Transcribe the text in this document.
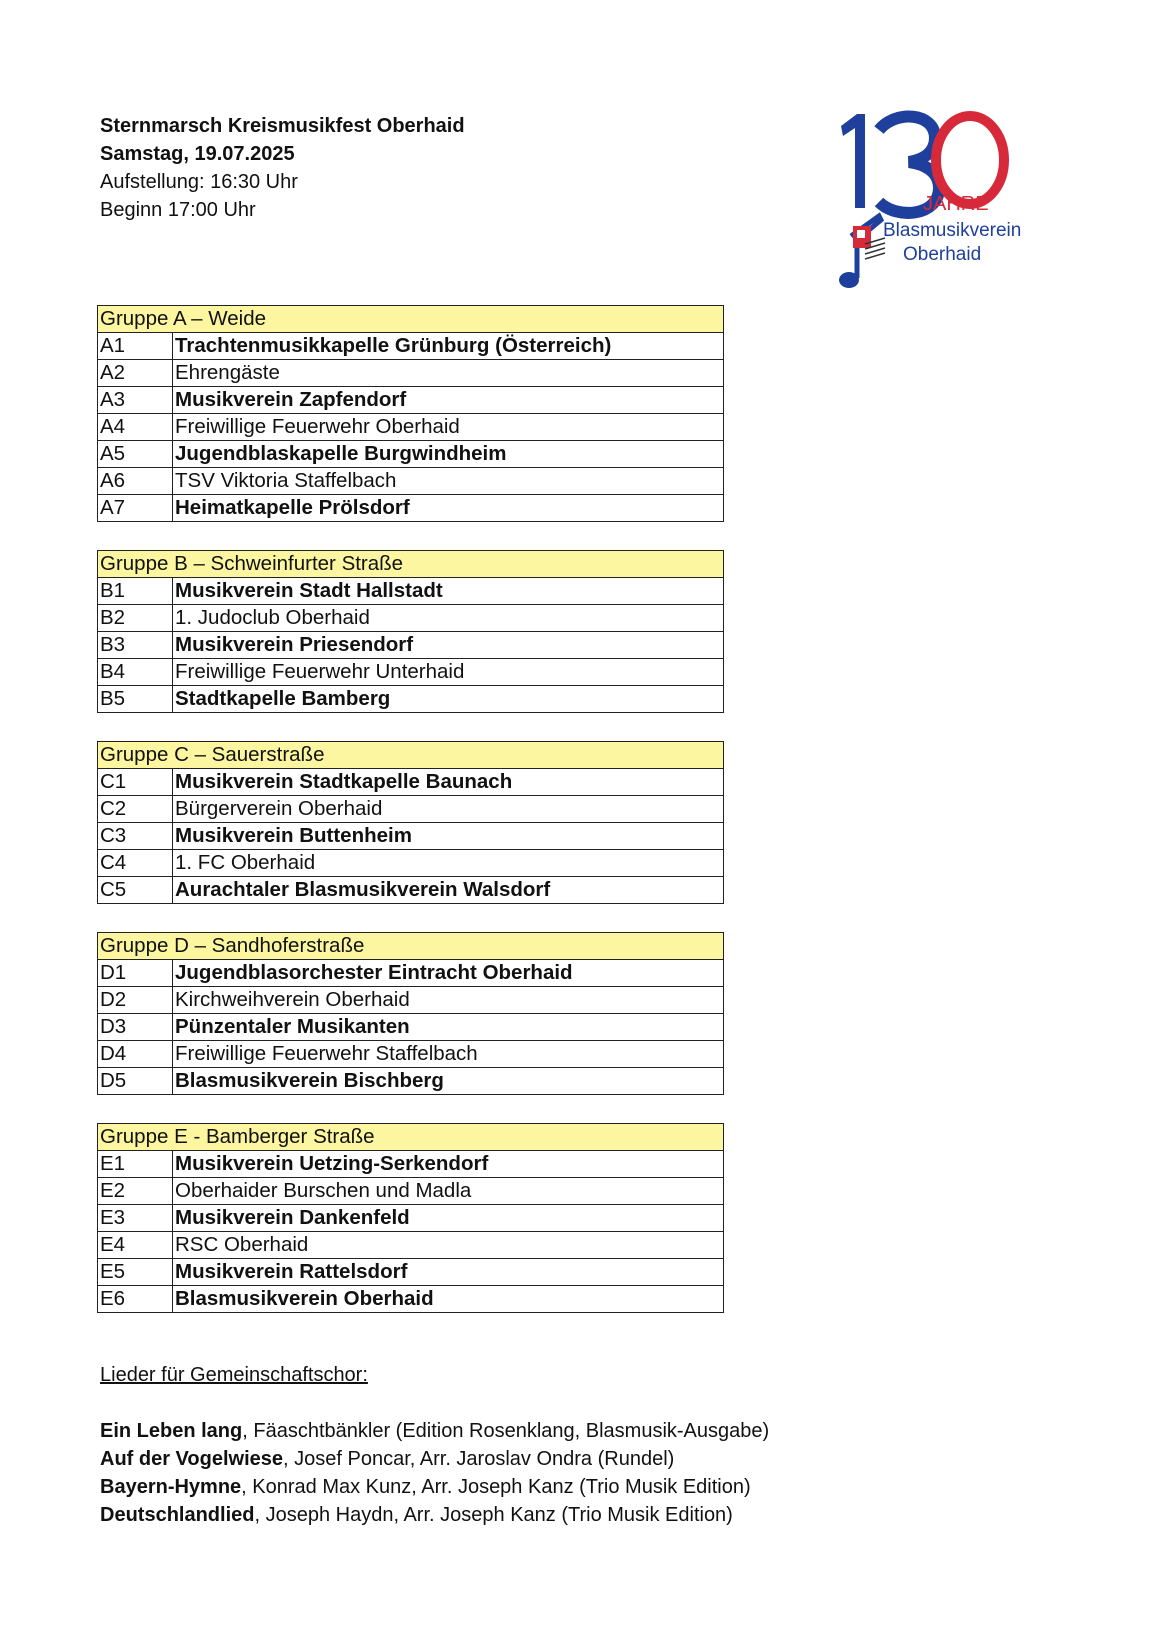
Sternmarsch Kreismusikfest Oberhaid
Samstag, 19.07.2025
Aufstellung: 16:30 Uhr
Beginn 17:00 Uhr	JAHRE
Blasmusikverein
Oberhaid
Gruppe A – Weide	
A1	Trachtenmusikkapelle Grünburg (Österreich)
A2	Ehrengäste
A3	Musikverein Zapfendorf
A4	Freiwillige Feuerwehr Oberhaid
A5	Jugendblaskapelle Burgwindheim
A6	TSV Viktoria Staffelbach
A7	Heimatkapelle Prölsdorf
Gruppe B – Schweinfurter Straße	
B1	Musikverein Stadt Hallstadt
B2	1. Judoclub Oberhaid
B3	Musikverein Priesendorf
B4	Freiwillige Feuerwehr Unterhaid
B5	Stadtkapelle Bamberg
Gruppe C – Sauerstraße	
C1	Musikverein Stadtkapelle Baunach
C2	Bürgerverein Oberhaid
C3	Musikverein Buttenheim
C4	1. FC Oberhaid
C5	Aurachtaler Blasmusikverein Walsdorf
Gruppe D – Sandhoferstraße	
D1	Jugendblasorchester Eintracht Oberhaid
D2	Kirchweihverein Oberhaid
D3	Pünzentaler Musikanten
D4	Freiwillige Feuerwehr Staffelbach
D5	Blasmusikverein Bischberg
Gruppe E - Bamberger Straße	
E1	Musikverein Uetzing-Serkendorf
E2	Oberhaider Burschen und Madla
E3	Musikverein Dankenfeld
E4	RSC Oberhaid
E5	Musikverein Rattelsdorf
E6	Blasmusikverein Oberhaid
Lieder für Gemeinschaftschor:
Ein Leben lang, Fäaschtbänkler (Edition Rosenklang, Blasmusik-Ausgabe)
Auf der Vogelwiese, Josef Poncar, Arr. Jaroslav Ondra (Rundel)
Bayern-Hymne, Konrad Max Kunz, Arr. Joseph Kanz (Trio Musik Edition)
Deutschlandlied, Joseph Haydn, Arr. Joseph Kanz (Trio Musik Edition)
